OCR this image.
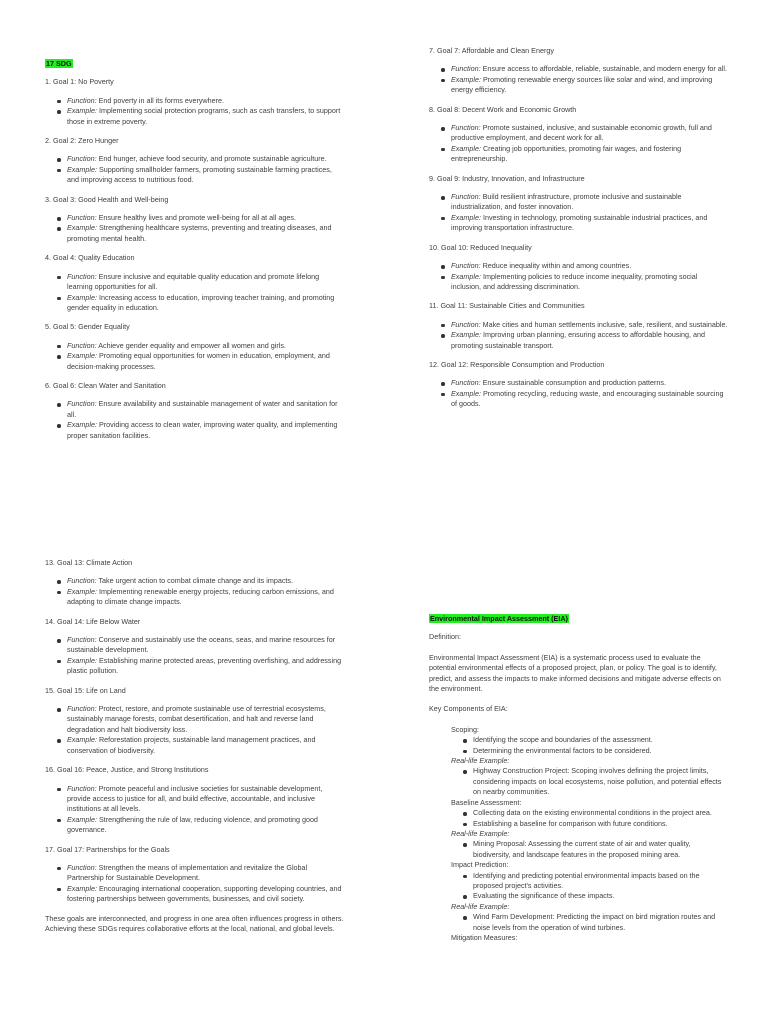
17 SDG

1. Goal 1: No Poverty

Function: End poverty in all its forms everywhere.
Example: Implementing social protection programs, such as cash transfers, to support those in extreme poverty.

2. Goal 2: Zero Hunger

Function: End hunger, achieve food security, and promote sustainable agriculture.
Example: Supporting smallholder farmers, promoting sustainable farming practices, and improving access to nutritious food.

3. Goal 3: Good Health and Well-being

Function: Ensure healthy lives and promote well-being for all at all ages.
Example: Strengthening healthcare systems, preventing and treating diseases, and promoting mental health.

4. Goal 4: Quality Education

Function: Ensure inclusive and equitable quality education and promote lifelong learning opportunities for all.
Example: Increasing access to education, improving teacher training, and promoting gender equality in education.

5. Goal 5: Gender Equality

Function: Achieve gender equality and empower all women and girls.
Example: Promoting equal opportunities for women in education, employment, and decision-making processes.

6. Goal 6: Clean Water and Sanitation

Function: Ensure availability and sustainable management of water and sanitation for all.
Example: Providing access to clean water, improving water quality, and implementing proper sanitation facilities.

7. Goal 7: Affordable and Clean Energy

Function: Ensure access to affordable, reliable, sustainable, and modern energy for all.
Example: Promoting renewable energy sources like solar and wind, and improving energy efficiency.

8. Goal 8: Decent Work and Economic Growth

Function: Promote sustained, inclusive, and sustainable economic growth, full and productive employment, and decent work for all.
Example: Creating job opportunities, promoting fair wages, and fostering entrepreneurship.

9. Goal 9: Industry, Innovation, and Infrastructure

Function: Build resilient infrastructure, promote inclusive and sustainable industrialization, and foster innovation.
Example: Investing in technology, promoting sustainable industrial practices, and improving transportation infrastructure.

10. Goal 10: Reduced Inequality

Function: Reduce inequality within and among countries.
Example: Implementing policies to reduce income inequality, promoting social inclusion, and addressing discrimination.

11. Goal 11: Sustainable Cities and Communities

Function: Make cities and human settlements inclusive, safe, resilient, and sustainable.
Example: Improving urban planning, ensuring access to affordable housing, and promoting sustainable transport.

12. Goal 12: Responsible Consumption and Production

Function: Ensure sustainable consumption and production patterns.
Example: Promoting recycling, reducing waste, and encouraging sustainable sourcing of goods.

13. Goal 13: Climate Action

Function: Take urgent action to combat climate change and its impacts.
Example: Implementing renewable energy projects, reducing carbon emissions, and adapting to climate change impacts.

14. Goal 14: Life Below Water

Function: Conserve and sustainably use the oceans, seas, and marine resources for sustainable development.
Example: Establishing marine protected areas, preventing overfishing, and addressing plastic pollution.

15. Goal 15: Life on Land

Function: Protect, restore, and promote sustainable use of terrestrial ecosystems, sustainably manage forests, combat desertification, and halt and reverse land degradation and halt biodiversity loss.
Example: Reforestation projects, sustainable land management practices, and conservation of biodiversity.

16. Goal 16: Peace, Justice, and Strong Institutions

Function: Promote peaceful and inclusive societies for sustainable development, provide access to justice for all, and build effective, accountable, and inclusive institutions at all levels.
Example: Strengthening the rule of law, reducing violence, and promoting good governance.

17. Goal 17: Partnerships for the Goals

Function: Strengthen the means of implementation and revitalize the Global Partnership for Sustainable Development.
Example: Encouraging international cooperation, supporting developing countries, and fostering partnerships between governments, businesses, and civil society.

These goals are interconnected, and progress in one area often influences progress in others. Achieving these SDGs requires collaborative efforts at the local, national, and global levels.

Environmental Impact Assessment (EIA)

Definition:

Environmental Impact Assessment (EIA) is a systematic process used to evaluate the potential environmental effects of a proposed project, plan, or policy. The goal is to identify, predict, and assess the impacts to make informed decisions and mitigate adverse effects on the environment.

Key Components of EIA:

Scoping:

Identifying the scope and boundaries of the assessment.
Determining the environmental factors to be considered.

Real-life Example:

Highway Construction Project: Scoping involves defining the project limits, considering impacts on local ecosystems, noise pollution, and potential effects on nearby communities.

Baseline Assessment:

Collecting data on the existing environmental conditions in the project area.
Establishing a baseline for comparison with future conditions.

Real-life Example:

Mining Proposal: Assessing the current state of air and water quality, biodiversity, and landscape features in the proposed mining area.

Impact Prediction:

Identifying and predicting potential environmental impacts based on the proposed project's activities.
Evaluating the significance of these impacts.

Real-life Example:

Wind Farm Development: Predicting the impact on bird migration routes and noise levels from the operation of wind turbines.

Mitigation Measures:
